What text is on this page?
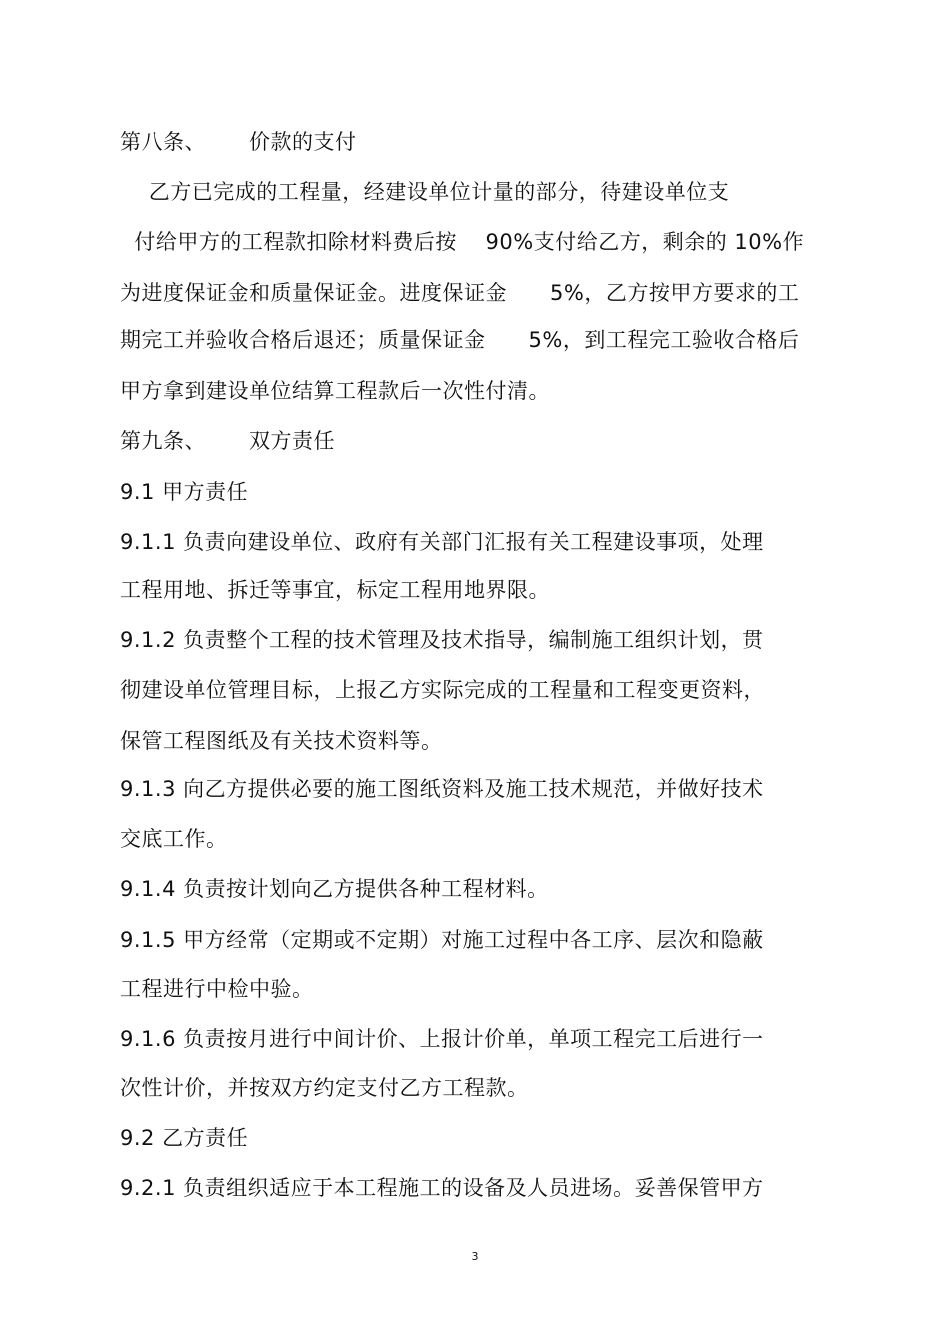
第八条、      价款的支付
乙方已完成的工程量，经建设单位计量的部分，待建设单位支
付给甲方的工程款扣除材料费后按    90%支付给乙方，剩余的 10%作
为进度保证金和质量保证金。进度保证金      5%，乙方按甲方要求的工
期完工并验收合格后退还；质量保证金      5%，到工程完工验收合格后
甲方拿到建设单位结算工程款后一次性付清。
第九条、      双方责任
9.1 甲方责任
9.1.1 负责向建设单位、政府有关部门汇报有关工程建设事项，处理
工程用地、拆迁等事宜，标定工程用地界限。
9.1.2 负责整个工程的技术管理及技术指导，编制施工组织计划，贯
彻建设单位管理目标，上报乙方实际完成的工程量和工程变更资料，
保管工程图纸及有关技术资料等。
9.1.3 向乙方提供必要的施工图纸资料及施工技术规范，并做好技术
交底工作。
9.1.4 负责按计划向乙方提供各种工程材料。
9.1.5 甲方经常（定期或不定期）对施工过程中各工序、层次和隐蔽
工程进行中检中验。
9.1.6 负责按月进行中间计价、上报计价单，单项工程完工后进行一
次性计价，并按双方约定支付乙方工程款。
9.2 乙方责任
9.2.1 负责组织适应于本工程施工的设备及人员进场。妥善保管甲方
3
